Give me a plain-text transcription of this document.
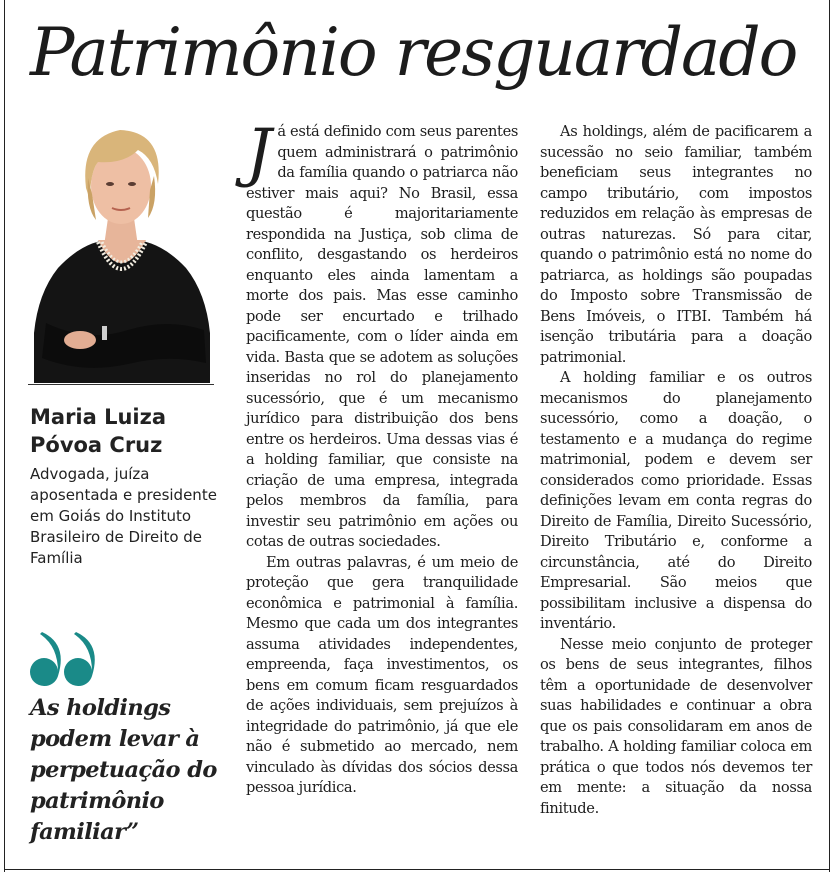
Patrimônio resguardado
Maria Luiza Póvoa Cruz

Advogada, juíza aposentada e presidente em Goiás do Instituto Brasileiro de Direito de Família

As holdings podem levar à perpetuação do patrimônio familiar”

Já está definido com seus parentes quem administrará o patrimônio da família quando o patriarca não estiver mais aqui? No Brasil, essa questão é majoritariamente respondida na Justiça, sob clima de conflito, desgastando os herdeiros enquanto eles ainda lamentam a morte dos pais. Mas esse caminho pode ser encurtado e trilhado pacificamente, com o líder ainda em vida. Basta que se adotem as soluções inseridas no rol do planejamento sucessório, que é um mecanismo jurídico para distribuição dos bens entre os herdeiros. Uma dessas vias é a holding familiar, que consiste na criação de uma empresa, integrada pelos membros da família, para investir seu patrimônio em ações ou cotas de outras sociedades.

Em outras palavras, é um meio de proteção que gera tranquilidade econômica e patrimonial à família. Mesmo que cada um dos integrantes assuma atividades independentes, empreenda, faça investimentos, os bens em comum ficam resguardados de ações individuais, sem prejuízos à integridade do patrimônio, já que ele não é submetido ao mercado, nem vinculado às dívidas dos sócios dessa pessoa jurídica.

As holdings, além de pacificarem a sucessão no seio familiar, também beneficiam seus integrantes no campo tributário, com impostos reduzidos em relação às empresas de outras naturezas. Só para citar, quando o patrimônio está no nome do patriarca, as holdings são poupadas do Imposto sobre Transmissão de Bens Imóveis, o ITBI. Também há isenção tributária para a doação patrimonial.

A holding familiar e os outros mecanismos do planejamento sucessório, como a doação, o testamento e a mudança do regime matrimonial, podem e devem ser considerados como prioridade. Essas definições levam em conta regras do Direito de Família, Direito Sucessório, Direito Tributário e, conforme a circunstância, até do Direito Empresarial. São meios que possibilitam inclusive a dispensa do inventário.

Nesse meio conjunto de proteger os bens de seus integrantes, filhos têm a oportunidade de desenvolver suas habilidades e continuar a obra que os pais consolidaram em anos de trabalho. A holding familiar coloca em prática o que todos nós devemos ter em mente: a situação da nossa finitude.
